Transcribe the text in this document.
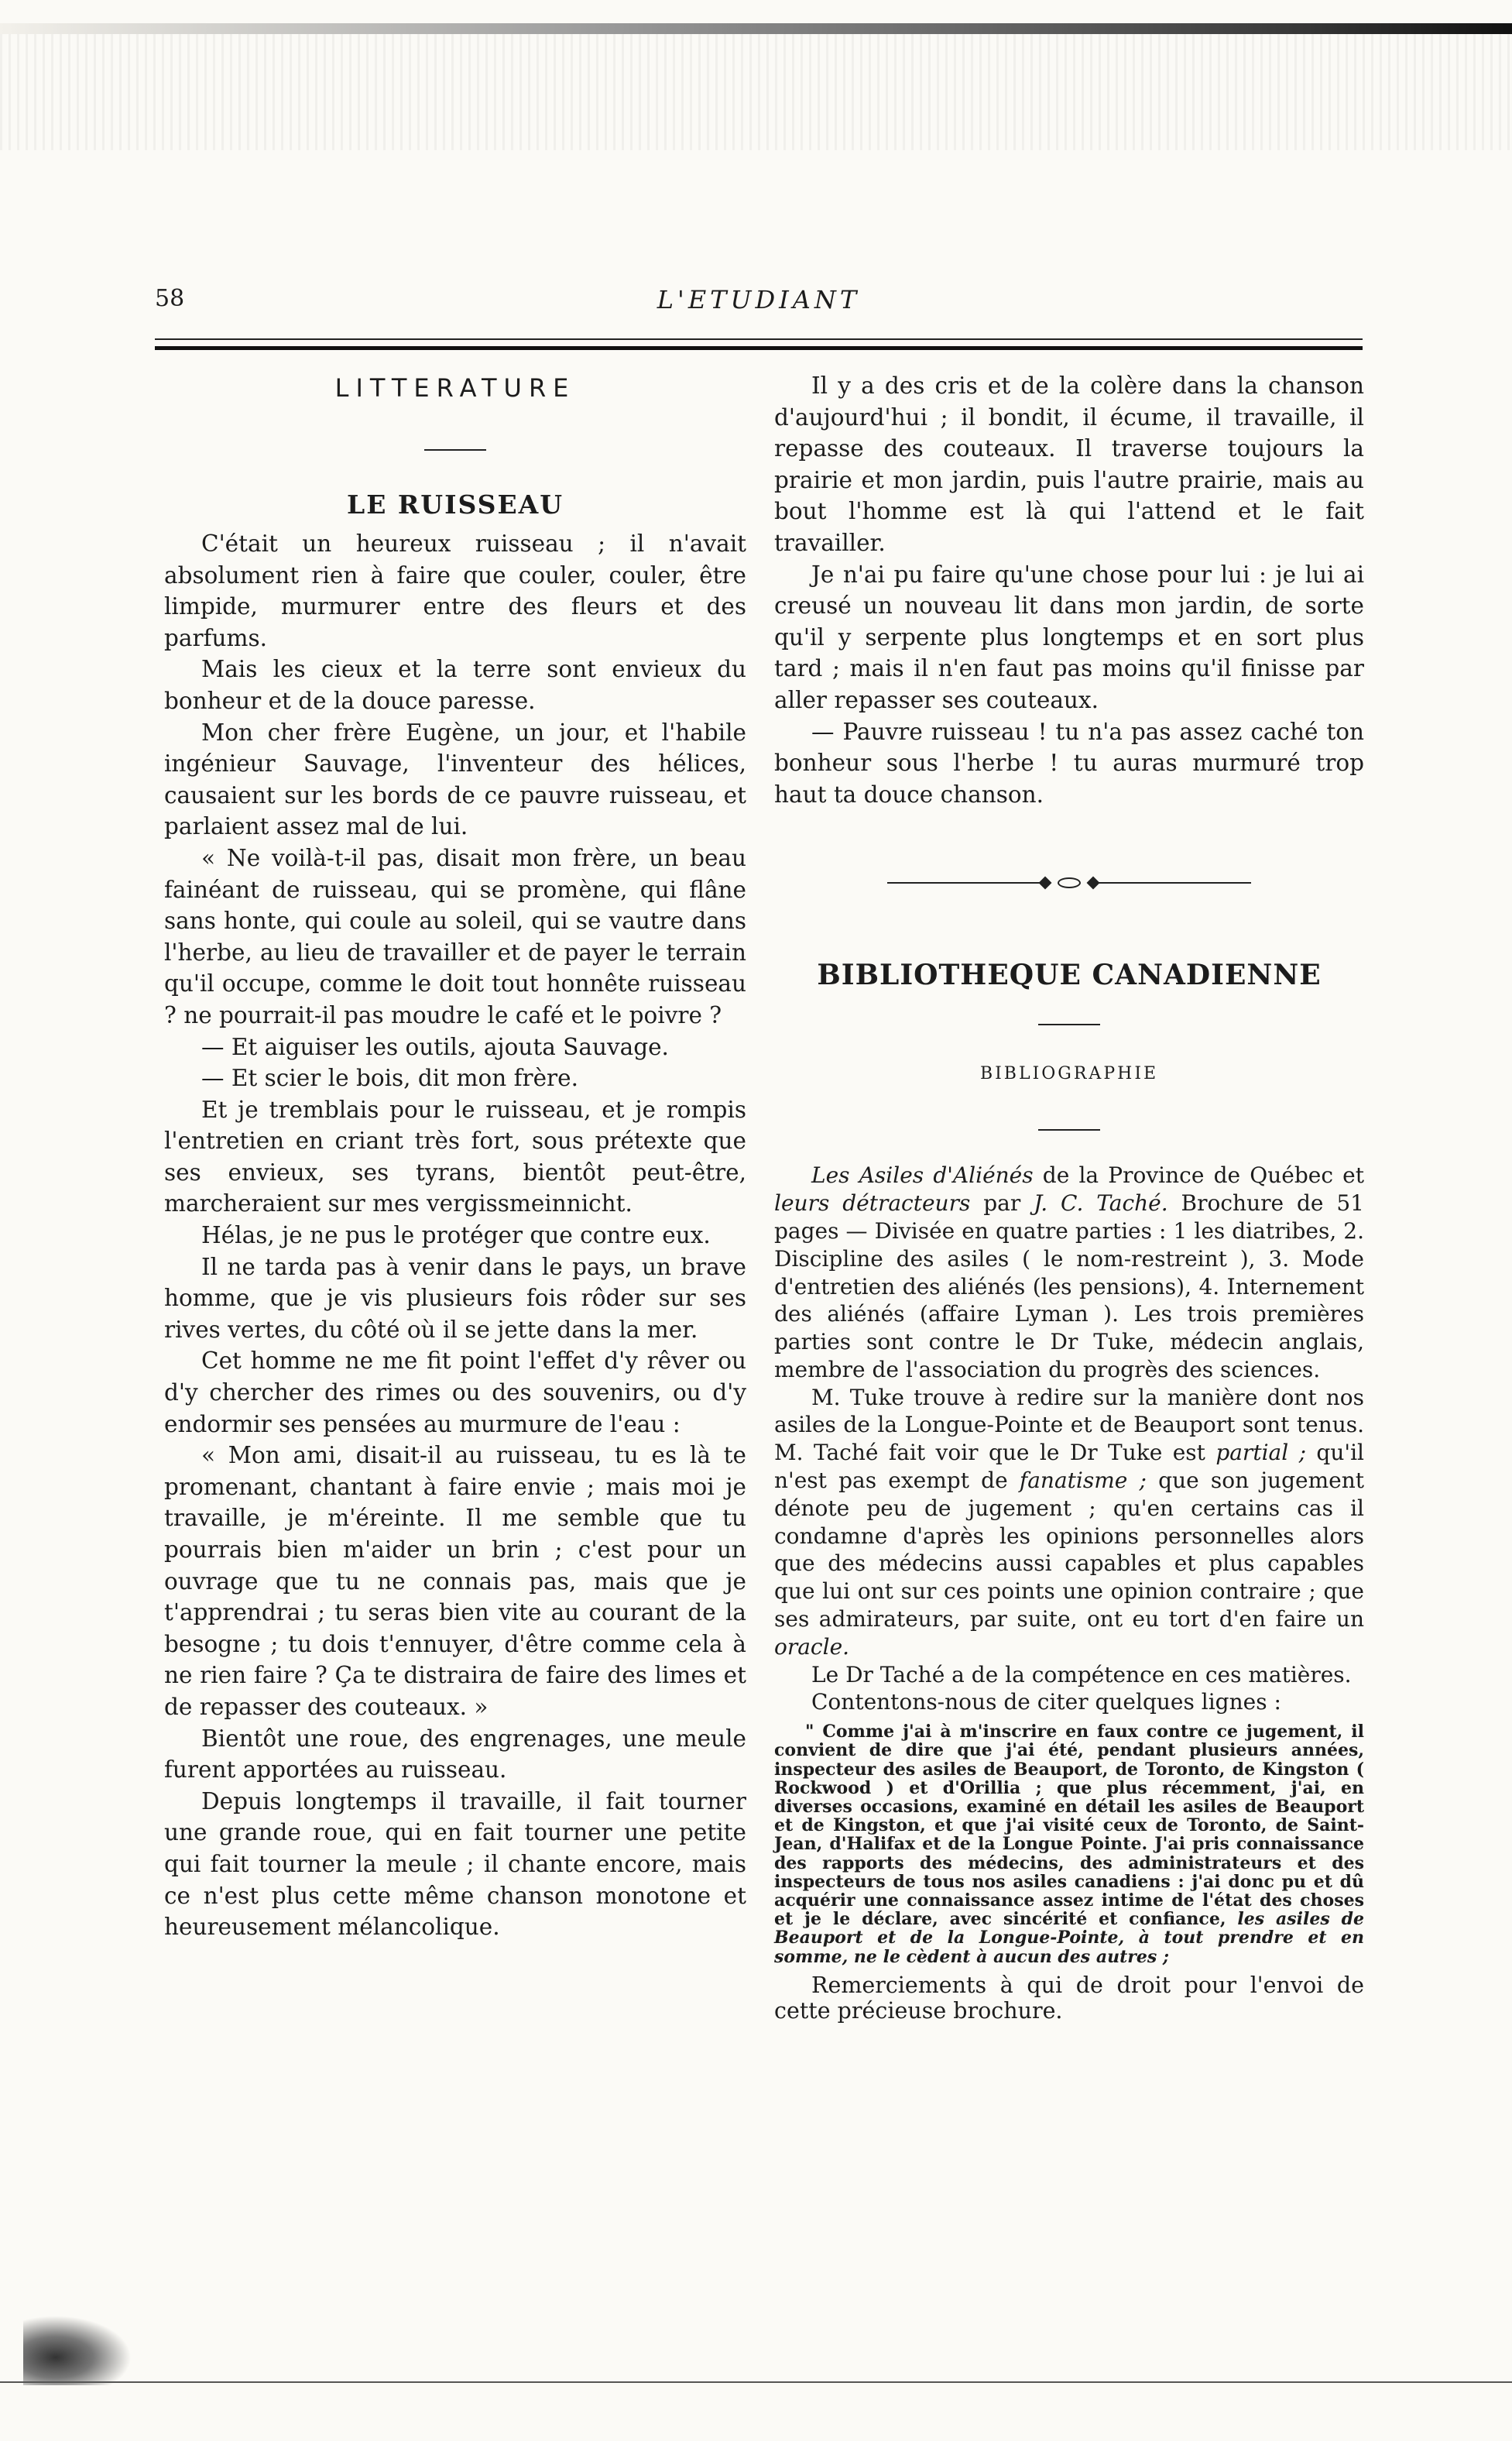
58	L'ETUDIANT
LITTERATURE
LE RUISSEAU

C'était un heureux ruisseau ; il n'avait absolument rien à faire que couler, couler, être limpide, murmurer entre des fleurs et des parfums.

Mais les cieux et la terre sont envieux du bonheur et de la douce paresse.

Mon cher frère Eugène, un jour, et l'habile ingénieur Sauvage, l'inventeur des hélices, causaient sur les bords de ce pauvre ruisseau, et parlaient assez mal de lui.

« Ne voilà-t-il pas, disait mon frère, un beau fainéant de ruisseau, qui se promène, qui flâne sans honte, qui coule au soleil, qui se vautre dans l'herbe, au lieu de travailler et de payer le terrain qu'il occupe, comme le doit tout honnête ruisseau ? ne pourrait-il pas moudre le café et le poivre ?

— Et aiguiser les outils, ajouta Sauvage.

— Et scier le bois, dit mon frère.

Et je tremblais pour le ruisseau, et je rompis l'entretien en criant très fort, sous prétexte que ses envieux, ses tyrans, bientôt peut-être, marcheraient sur mes vergissmeinnicht.

Hélas, je ne pus le protéger que contre eux.

Il ne tarda pas à venir dans le pays, un brave homme, que je vis plusieurs fois rôder sur ses rives vertes, du côté où il se jette dans la mer.

Cet homme ne me fit point l'effet d'y rêver ou d'y chercher des rimes ou des souvenirs, ou d'y endormir ses pensées au murmure de l'eau :

« Mon ami, disait-il au ruisseau, tu es là te promenant, chantant à faire envie ; mais moi je travaille, je m'éreinte. Il me semble que tu pourrais bien m'aider un brin ; c'est pour un ouvrage que tu ne connais pas, mais que je t'apprendrai ; tu seras bien vite au courant de la besogne ; tu dois t'ennuyer, d'être comme cela à ne rien faire ? Ça te distraira de faire des limes et de repasser des couteaux. »

Bientôt une roue, des engrenages, une meule furent apportées au ruisseau.

Depuis longtemps il travaille, il fait tourner une grande roue, qui en fait tourner une petite qui fait tourner la meule ; il chante encore, mais ce n'est plus cette même chanson monotone et heureusement mélancolique.

Il y a des cris et de la colère dans la chanson d'aujourd'hui ; il bondit, il écume, il travaille, il repasse des couteaux. Il traverse toujours la prairie et mon jardin, puis l'autre prairie, mais au bout l'homme est là qui l'attend et le fait travailler.

Je n'ai pu faire qu'une chose pour lui : je lui ai creusé un nouveau lit dans mon jardin, de sorte qu'il y serpente plus longtemps et en sort plus tard ; mais il n'en faut pas moins qu'il finisse par aller repasser ses couteaux.

— Pauvre ruisseau ! tu n'a pas assez caché ton bonheur sous l'herbe ! tu auras murmuré trop haut ta douce chanson.

BIBLIOTHEQUE CANADIENNE
BIBLIOGRAPHIE

Les Asiles d'Aliénés de la Province de Québec et leurs détracteurs par J. C. Taché. Brochure de 51 pages — Divisée en quatre parties : 1 les diatribes, 2. Discipline des asiles ( le nom-restreint ), 3. Mode d'entretien des aliénés (les pensions), 4. Internement des aliénés (affaire Lyman ). Les trois premières parties sont contre le Dr Tuke, médecin anglais, membre de l'association du progrès des sciences.

M. Tuke trouve à redire sur la manière dont nos asiles de la Longue-Pointe et de Beauport sont tenus. M. Taché fait voir que le Dr Tuke est partial ; qu'il n'est pas exempt de fanatisme ; que son jugement dénote peu de jugement ; qu'en certains cas il condamne d'après les opinions personnelles alors que des médecins aussi capables et plus capables que lui ont sur ces points une opinion contraire ; que ses admirateurs, par suite, ont eu tort d'en faire un oracle.

Le Dr Taché a de la compétence en ces matières.

Contentons-nous de citer quelques lignes :

" Comme j'ai à m'inscrire en faux contre ce jugement, il convient de dire que j'ai été, pendant plusieurs années, inspecteur des asiles de Beauport, de Toronto, de Kingston ( Rockwood ) et d'Orillia ; que plus récemment, j'ai, en diverses occasions, examiné en détail les asiles de Beauport et de Kingston, et que j'ai visité ceux de Toronto, de Saint-Jean, d'Halifax et de la Longue Pointe. J'ai pris connaissance des rapports des médecins, des administrateurs et des inspecteurs de tous nos asiles canadiens : j'ai donc pu et dû acquérir une connaissance assez intime de l'état des choses et je le déclare, avec sincérité et confiance, les asiles de Beauport et de la Longue-Pointe, à tout prendre et en somme, ne le cèdent à aucun des autres ;

Remerciements à qui de droit pour l'envoi de cette précieuse brochure.
